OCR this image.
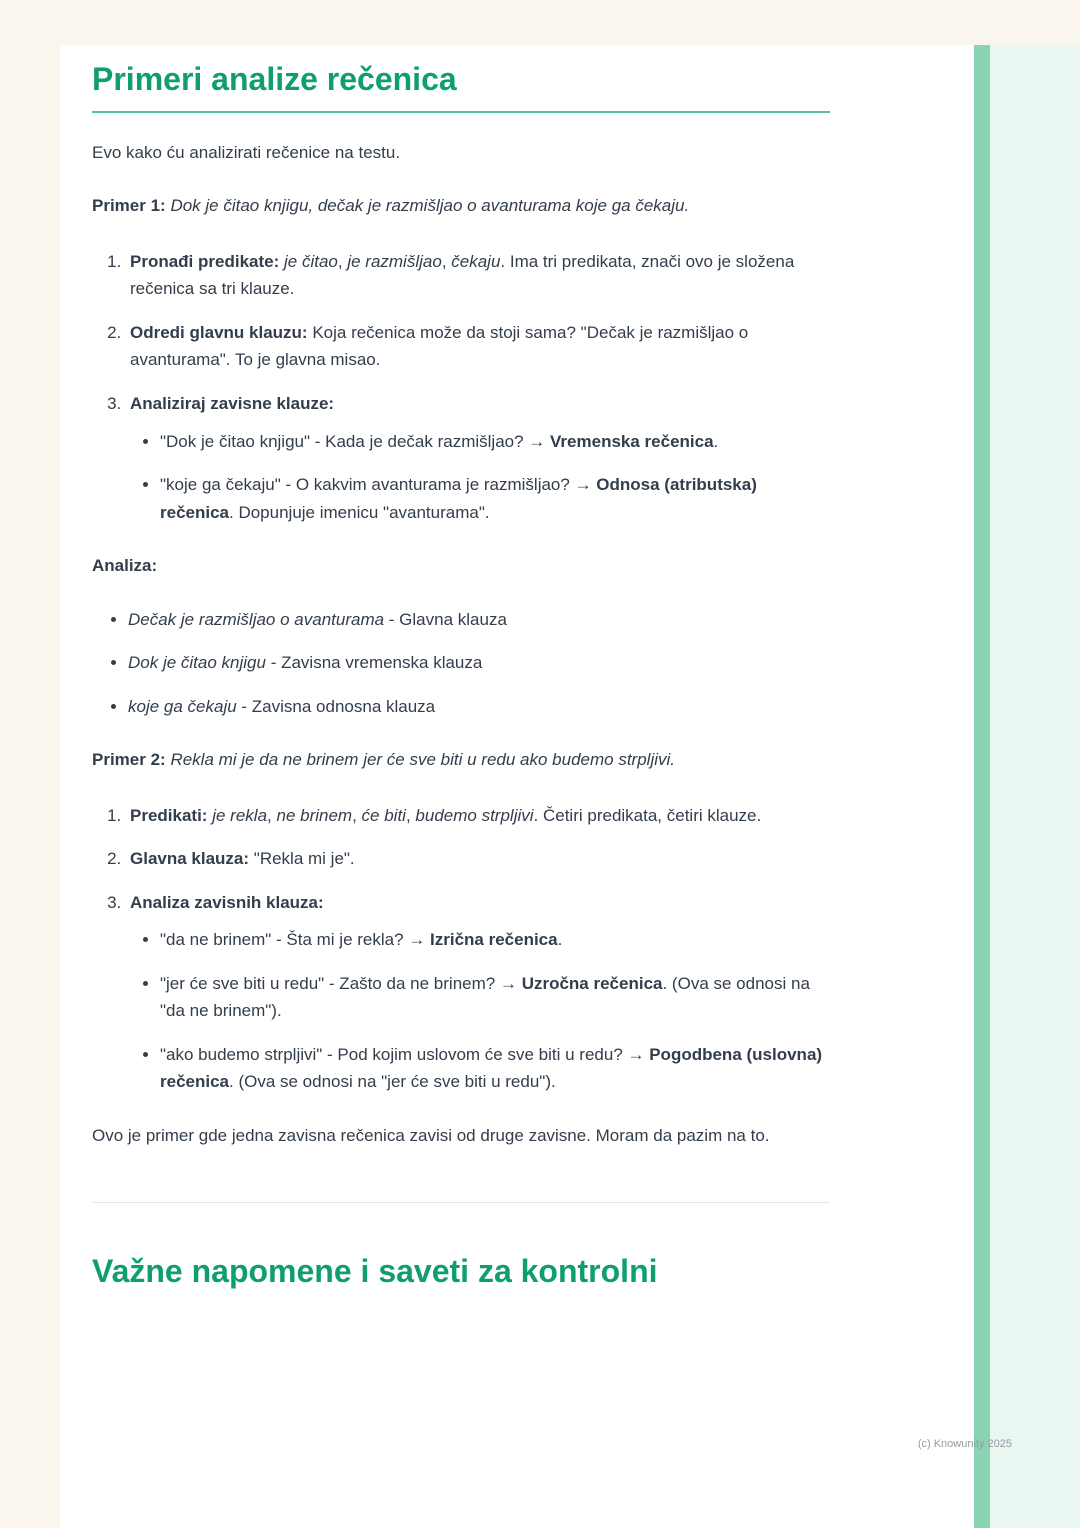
Primeri analize rečenica

Evo kako ću analizirati rečenice na testu.

Primer 1: Dok je čitao knjigu, dečak je razmišljao o avanturama koje ga čekaju.

1. Pronađi predikate: je čitao, je razmišljao, čekaju. Ima tri predikata, znači ovo je složena rečenica sa tri klauze.
2. Odredi glavnu klauzu: Koja rečenica može da stoji sama? "Dečak je razmišljao o avanturama". To je glavna misao.
3. Analiziraj zavisne klauze:
• "Dok je čitao knjigu" - Kada je dečak razmišljao? → Vremenska rečenica.
• "koje ga čekaju" - O kakvim avanturama je razmišljao? → Odnosa (atributska) rečenica. Dopunjuje imenicu "avanturama".

Analiza:

• Dečak je razmišljao o avanturama - Glavna klauza
• Dok je čitao knjigu - Zavisna vremenska klauza
• koje ga čekaju - Zavisna odnosna klauza

Primer 2: Rekla mi je da ne brinem jer će sve biti u redu ako budemo strpljivi.

1. Predikati: je rekla, ne brinem, će biti, budemo strpljivi. Četiri predikata, četiri klauze.
2. Glavna klauza: "Rekla mi je".
3. Analiza zavisnih klauza:
• "da ne brinem" - Šta mi je rekla? → Izrična rečenica.
• "jer će sve biti u redu" - Zašto da ne brinem? → Uzročna rečenica. (Ova se odnosi na "da ne brinem").
• "ako budemo strpljivi" - Pod kojim uslovom će sve biti u redu? → Pogodbena (uslovna) rečenica. (Ova se odnosi na "jer će sve biti u redu").

Ovo je primer gde jedna zavisna rečenica zavisi od druge zavisne. Moram da pazim na to.

Važne napomene i saveti za kontrolni
(c) Knowunity 2025
